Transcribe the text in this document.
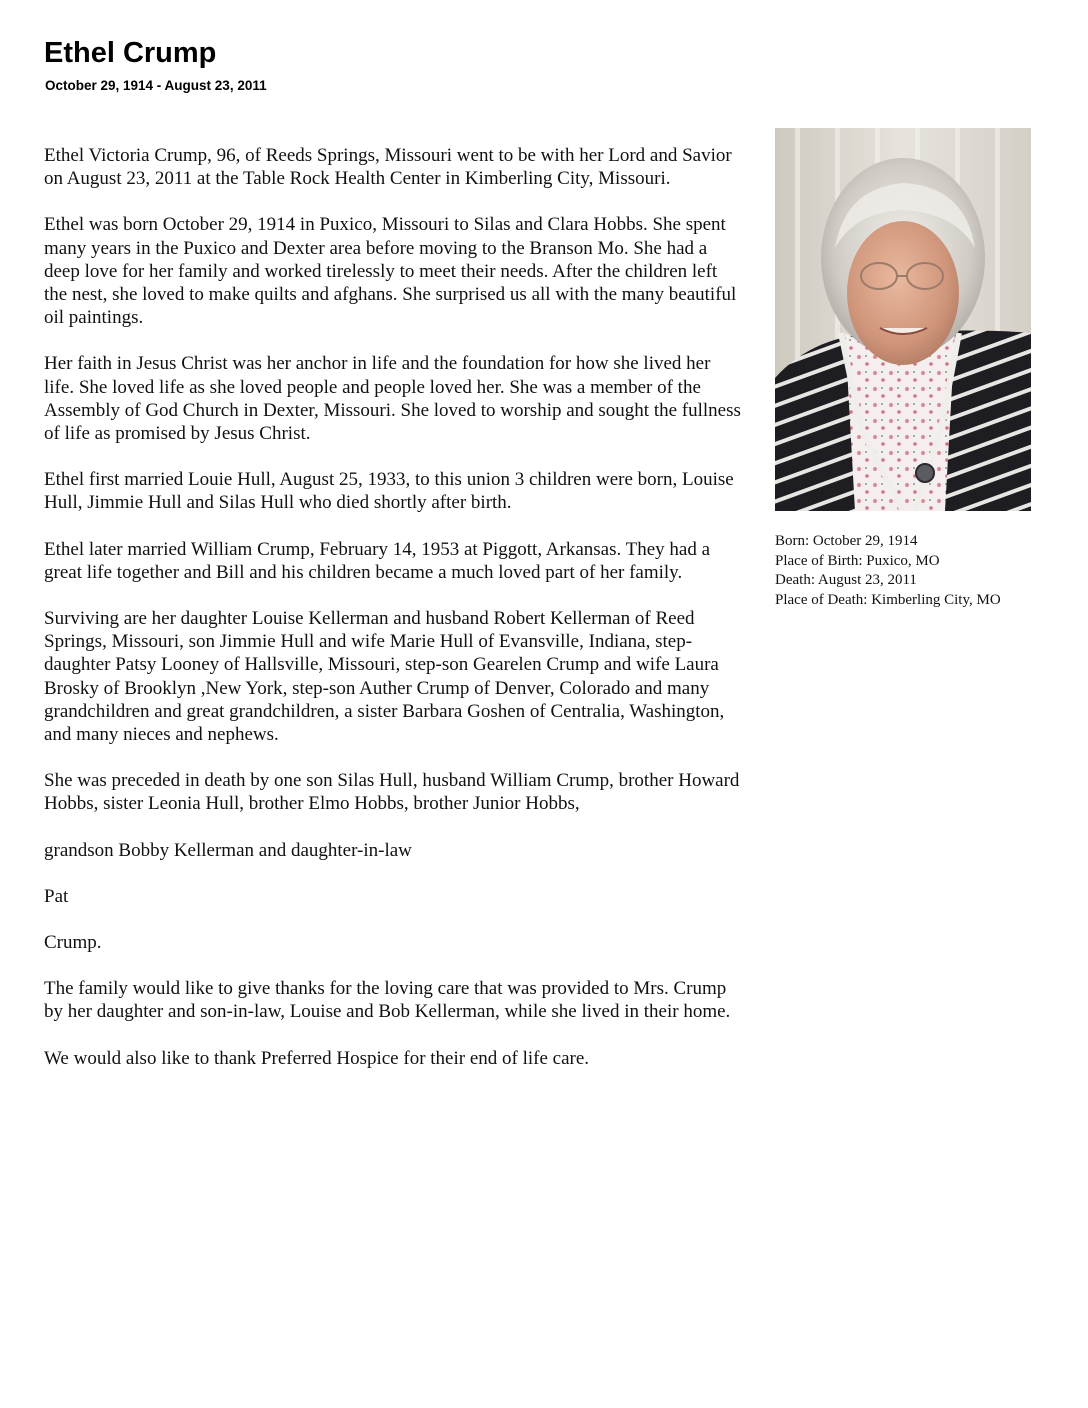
Ethel Crump
October 29, 1914 - August 23, 2011

Ethel Victoria Crump, 96, of Reeds Springs, Missouri went to be with her Lord and Savior on August 23, 2011 at the Table Rock Health Center in Kimberling City, Missouri.

Ethel was born October 29, 1914 in Puxico, Missouri to Silas and Clara Hobbs. She spent many years in the Puxico and Dexter area before moving to the Branson Mo. She had a deep love for her family and worked tirelessly to meet their needs. After the children left the nest, she loved to make quilts and afghans. She surprised us all with the many beautiful oil paintings.

Her faith in Jesus Christ was her anchor in life and the foundation for how she lived her life. She loved life as she loved people and people loved her. She was a member of the Assembly of God Church in Dexter, Missouri. She loved to worship and sought the fullness of life as promised by Jesus Christ.

Ethel first married Louie Hull, August 25, 1933, to this union 3 children were born, Louise Hull, Jimmie Hull and Silas Hull who died shortly after birth.

Ethel later married William Crump, February 14, 1953 at Piggott, Arkansas. They had a great life together and Bill and his children became a much loved part of her family.

Surviving are her daughter Louise Kellerman and husband Robert Kellerman of Reed Springs, Missouri, son Jimmie Hull and wife Marie Hull of Evansville, Indiana, step-daughter Patsy Looney of Hallsville, Missouri, step-son Gearelen Crump and wife Laura Brosky of Brooklyn ,New York, step-son Auther Crump of Denver, Colorado and many grandchildren and great grandchildren, a sister Barbara Goshen of Centralia, Washington, and many nieces and nephews.

She was preceded in death by one son Silas Hull, husband William Crump, brother Howard Hobbs, sister Leonia Hull, brother Elmo Hobbs, brother Junior Hobbs,

grandson Bobby Kellerman and daughter-in-law

Pat

Crump.

The family would like to give thanks for the loving care that was provided to Mrs. Crump by her daughter and son-in-law, Louise and Bob Kellerman, while she lived in their home.

We would also like to thank Preferred Hospice for their end of life care.

Born: October 29, 1914
Place of Birth: Puxico, MO
Death: August 23, 2011
Place of Death: Kimberling City, MO
